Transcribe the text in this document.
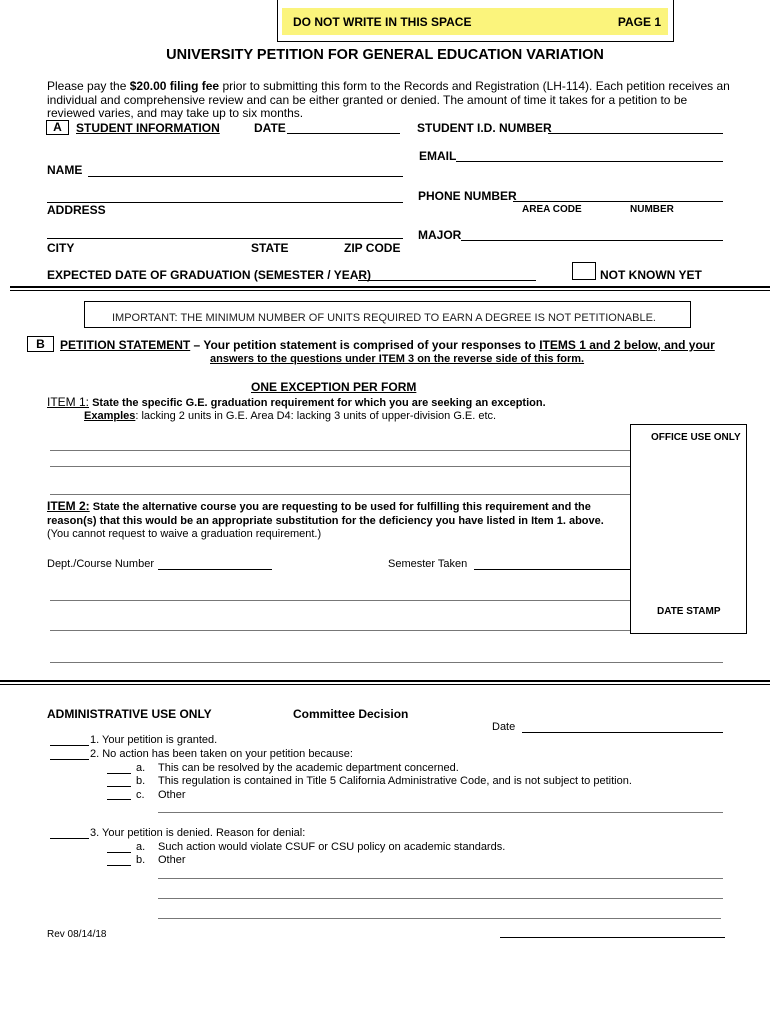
DO NOT WRITE IN THIS SPACE	PAGE 1
UNIVERSITY PETITION FOR GENERAL EDUCATION VARIATION

Please pay the $20.00 filing fee prior to submitting this form to the Records and Registration (LH-114). Each petition receives an individual and comprehensive review and can be either granted or denied. The amount of time it takes for a petition to be reviewed varies, and may take up to six months.

A	STUDENT INFORMATION	DATE	STUDENT I.D. NUMBER
EMAIL
NAME
PHONE NUMBER
ADDRESS	AREA CODE	NUMBER
MAJOR
CITY	STATE	ZIP CODE
EXPECTED DATE OF GRADUATION (SEMESTER / YEAR)	NOT KNOWN YET
IMPORTANT: THE MINIMUM NUMBER OF UNITS REQUIRED TO EARN A DEGREE IS NOT PETITIONABLE.
B	PETITION STATEMENT – Your petition statement is comprised of your responses to ITEMS 1 and 2 below, and your

answers to the questions under ITEM 3 on the reverse side of this form.
ONE EXCEPTION PER FORM

ITEM 1: State the specific G.E. graduation requirement for which you are seeking an exception.

Examples: lacking 2 units in G.E. Area D4: lacking 3 units of upper-division G.E. etc.

OFFICE USE ONLY
DATE STAMP

ITEM 2: State the alternative course you are requesting to be used for fulfilling this requirement and the reason(s) that this would be an appropriate substitution for the deficiency you have listed in Item 1. above.
(You cannot request to waive a graduation requirement.)

Dept./Course Number	Semester Taken
ADMINISTRATIVE USE ONLY	Committee Decision
Date
1. Your petition is granted.
2. No action has been taken on your petition because:
a. This can be resolved by the academic department concerned.
b. This regulation is contained in Title 5 California Administrative Code, and is not subject to petition.
c. Other
3. Your petition is denied. Reason for denial:
a. Such action would violate CSUF or CSU policy on academic standards.
b. Other
Rev 08/14/18
